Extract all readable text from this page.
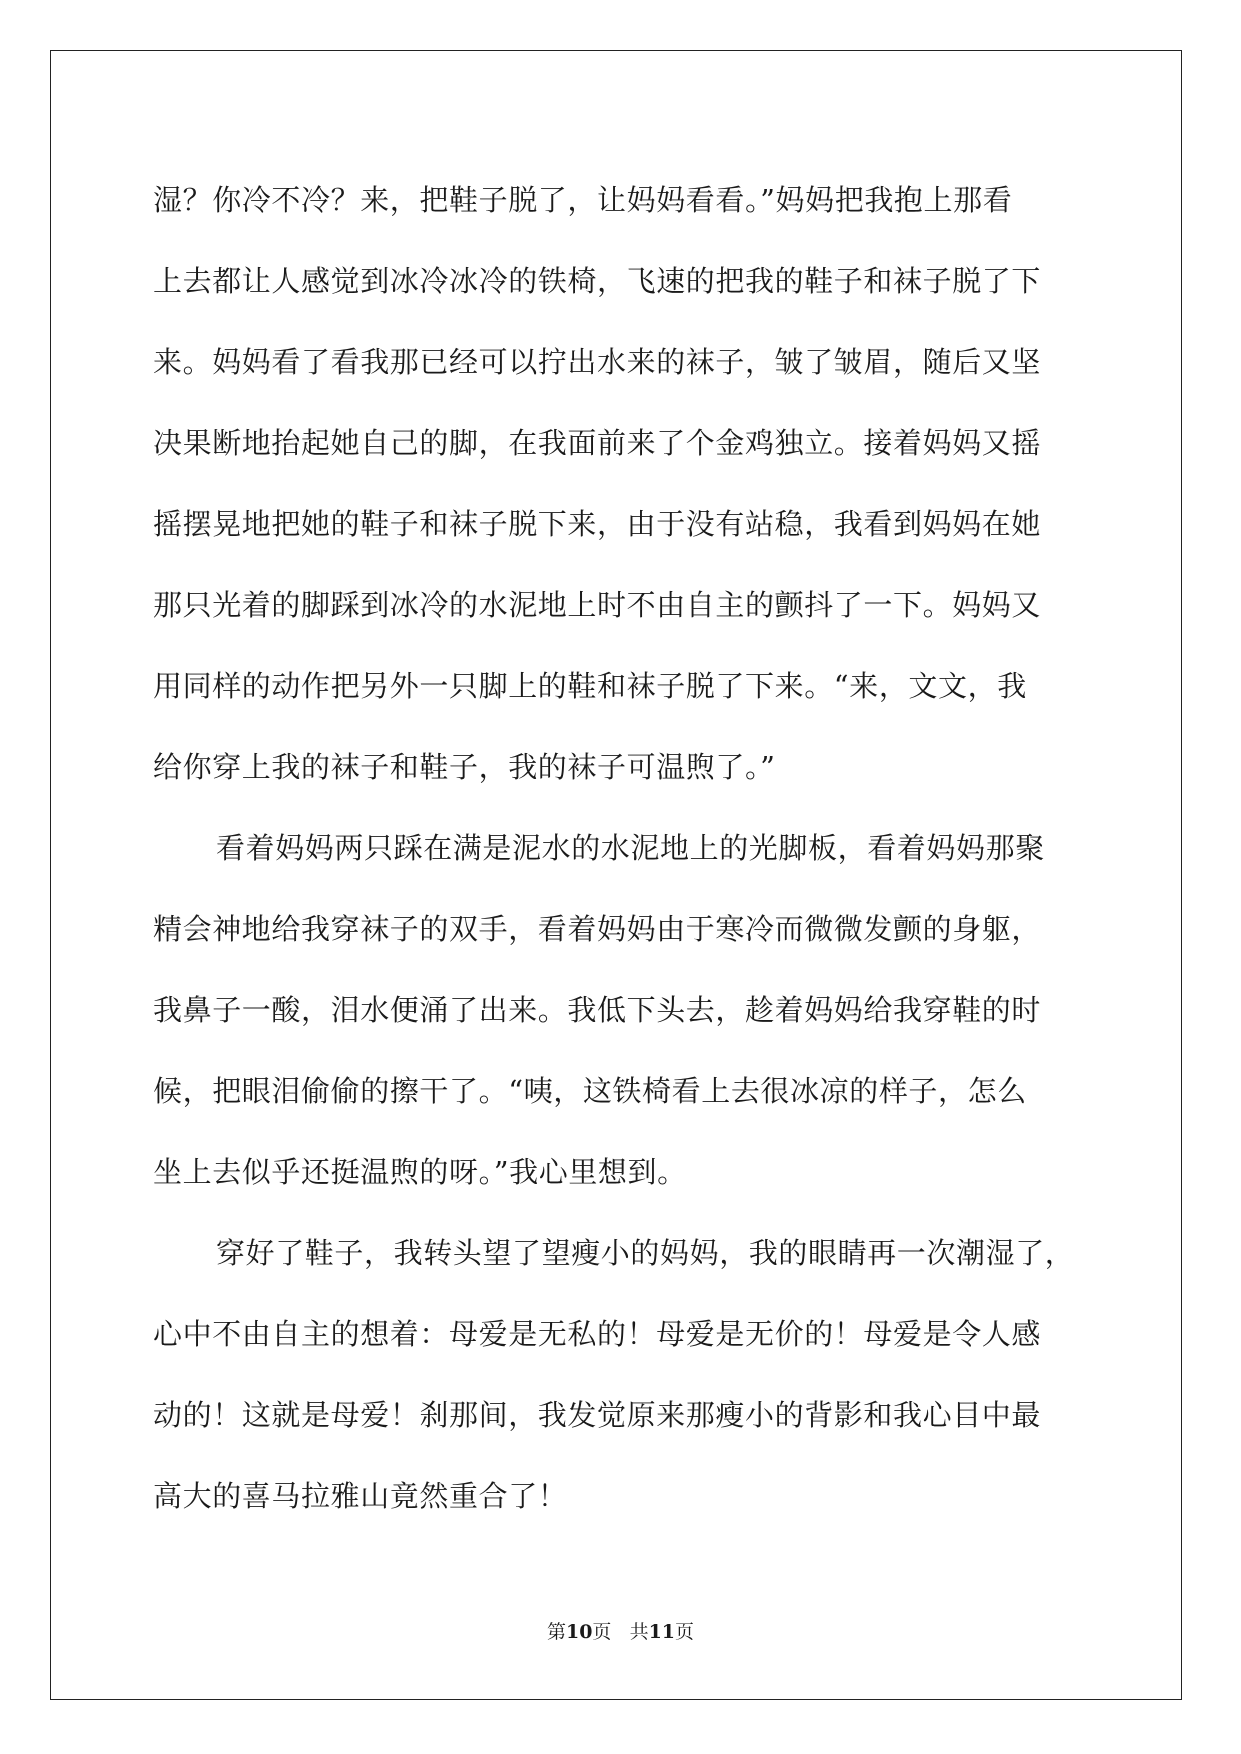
湿？你冷不冷？来，把鞋子脱了，让妈妈看看。”妈妈把我抱上那看
上去都让人感觉到冰冷冰冷的铁椅，飞速的把我的鞋子和袜子脱了下
来。妈妈看了看我那已经可以拧出水来的袜子，皱了皱眉，随后又坚
决果断地抬起她自己的脚，在我面前来了个金鸡独立。接着妈妈又摇
摇摆晃地把她的鞋子和袜子脱下来，由于没有站稳，我看到妈妈在她
那只光着的脚踩到冰冷的水泥地上时不由自主的颤抖了一下。妈妈又
用同样的动作把另外一只脚上的鞋和袜子脱了下来。“来，文文，我
给你穿上我的袜子和鞋子，我的袜子可温煦了。”
看着妈妈两只踩在满是泥水的水泥地上的光脚板，看着妈妈那聚
精会神地给我穿袜子的双手，看着妈妈由于寒冷而微微发颤的身躯，
我鼻子一酸，泪水便涌了出来。我低下头去，趁着妈妈给我穿鞋的时
候，把眼泪偷偷的擦干了。“咦，这铁椅看上去很冰凉的样子，怎么
坐上去似乎还挺温煦的呀。”我心里想到。
穿好了鞋子，我转头望了望瘦小的妈妈，我的眼睛再一次潮湿了，
心中不由自主的想着：母爱是无私的！母爱是无价的！母爱是令人感
动的！这就是母爱！刹那间，我发觉原来那瘦小的背影和我心目中最
高大的喜马拉雅山竟然重合了！
第10页 共11页
